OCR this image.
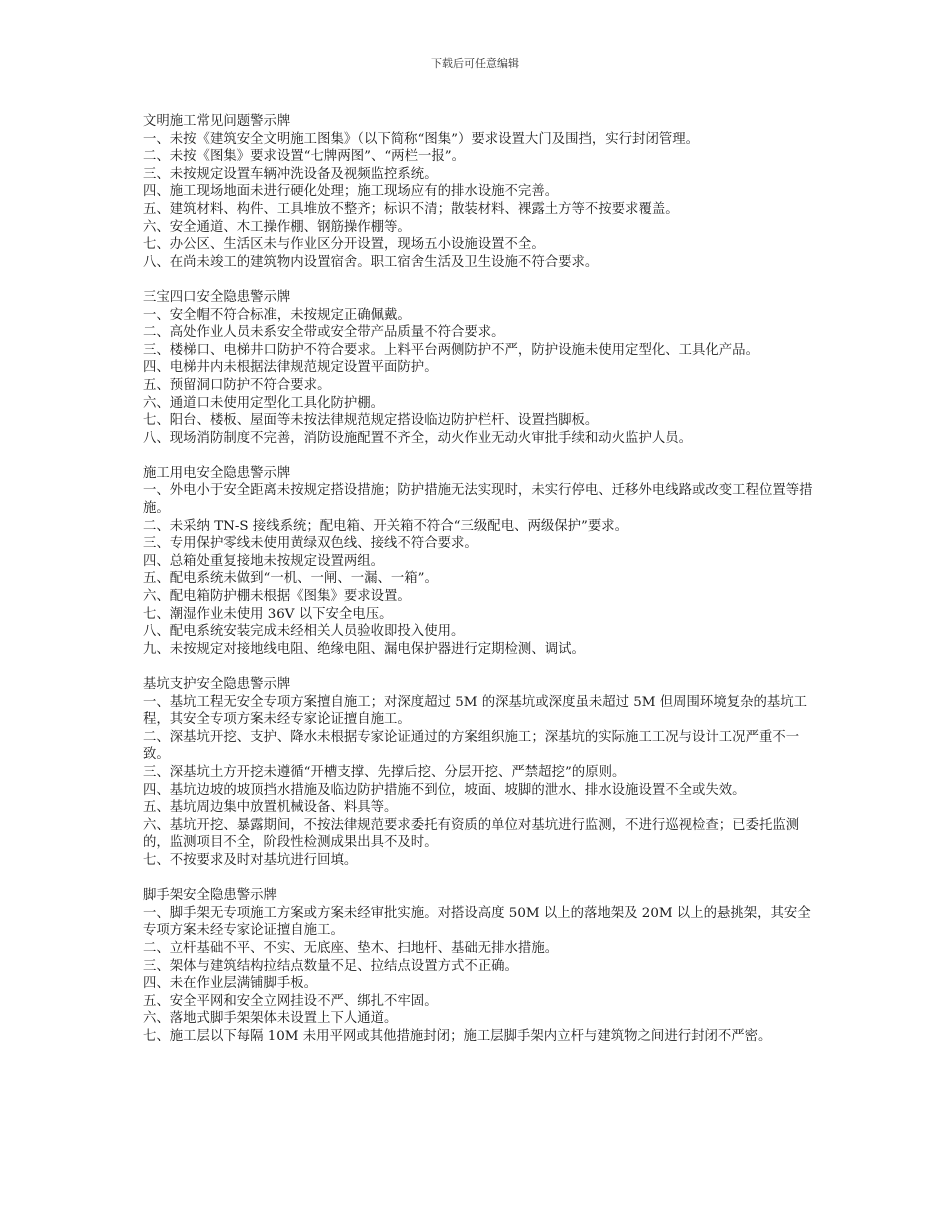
下载后可任意编辑

文明施工常见问题警示牌

一、未按《建筑安全文明施工图集》（以下简称“图集”）要求设置大门及围挡，实行封闭管理。

二、未按《图集》要求设置“七牌两图”、“两栏一报”。

三、未按规定设置车辆冲洗设备及视频监控系统。

四、施工现场地面未进行硬化处理；施工现场应有的排水设施不完善。

五、建筑材料、构件、工具堆放不整齐；标识不清；散装材料、裸露土方等不按要求覆盖。

六、安全通道、木工操作棚、钢筋操作棚等。

七、办公区、生活区未与作业区分开设置，现场五小设施设置不全。

八、在尚未竣工的建筑物内设置宿舍。职工宿舍生活及卫生设施不符合要求。

三宝四口安全隐患警示牌

一、安全帽不符合标准，未按规定正确佩戴。

二、高处作业人员未系安全带或安全带产品质量不符合要求。

三、楼梯口、电梯井口防护不符合要求。上料平台两侧防护不严，防护设施未使用定型化、工具化产品。

四、电梯井内未根据法律规范规定设置平面防护。

五、预留洞口防护不符合要求。

六、通道口未使用定型化工具化防护棚。

七、阳台、楼板、屋面等未按法律规范规定搭设临边防护栏杆、设置挡脚板。

八、现场消防制度不完善，消防设施配置不齐全，动火作业无动火审批手续和动火监护人员。

施工用电安全隐患警示牌

一、外电小于安全距离未按规定搭设措施；防护措施无法实现时，未实行停电、迁移外电线路或改变工程位置等措施。

二、未采纳 TN-S 接线系统；配电箱、开关箱不符合“三级配电、两级保护”要求。

三、专用保护零线未使用黄绿双色线、接线不符合要求。

四、总箱处重复接地未按规定设置两组。

五、配电系统未做到“一机、一闸、一漏、一箱”。

六、配电箱防护棚未根据《图集》要求设置。

七、潮湿作业未使用 36V 以下安全电压。

八、配电系统安装完成未经相关人员验收即投入使用。

九、未按规定对接地线电阻、绝缘电阻、漏电保护器进行定期检测、调试。

基坑支护安全隐患警示牌

一、基坑工程无安全专项方案擅自施工；对深度超过 5M 的深基坑或深度虽未超过 5M 但周围环境复杂的基坑工程，其安全专项方案未经专家论证擅自施工。

二、深基坑开挖、支护、降水未根据专家论证通过的方案组织施工；深基坑的实际施工工况与设计工况严重不一致。

三、深基坑土方开挖未遵循“开槽支撑、先撑后挖、分层开挖、严禁超挖”的原则。

四、基坑边坡的坡顶挡水措施及临边防护措施不到位，坡面、坡脚的泄水、排水设施设置不全或失效。

五、基坑周边集中放置机械设备、料具等。

六、基坑开挖、暴露期间，不按法律规范要求委托有资质的单位对基坑进行监测，不进行巡视检查；已委托监测的，监测项目不全，阶段性检测成果出具不及时。

七、不按要求及时对基坑进行回填。

脚手架安全隐患警示牌

一、脚手架无专项施工方案或方案未经审批实施。对搭设高度 50M 以上的落地架及 20M 以上的悬挑架，其安全专项方案未经专家论证擅自施工。

二、立杆基础不平、不实、无底座、垫木、扫地杆、基础无排水措施。

三、架体与建筑结构拉结点数量不足、拉结点设置方式不正确。

四、未在作业层满铺脚手板。

五、安全平网和安全立网挂设不严、绑扎不牢固。

六、落地式脚手架架体未设置上下人通道。

七、施工层以下每隔 10M 未用平网或其他措施封闭；施工层脚手架内立杆与建筑物之间进行封闭不严密。
